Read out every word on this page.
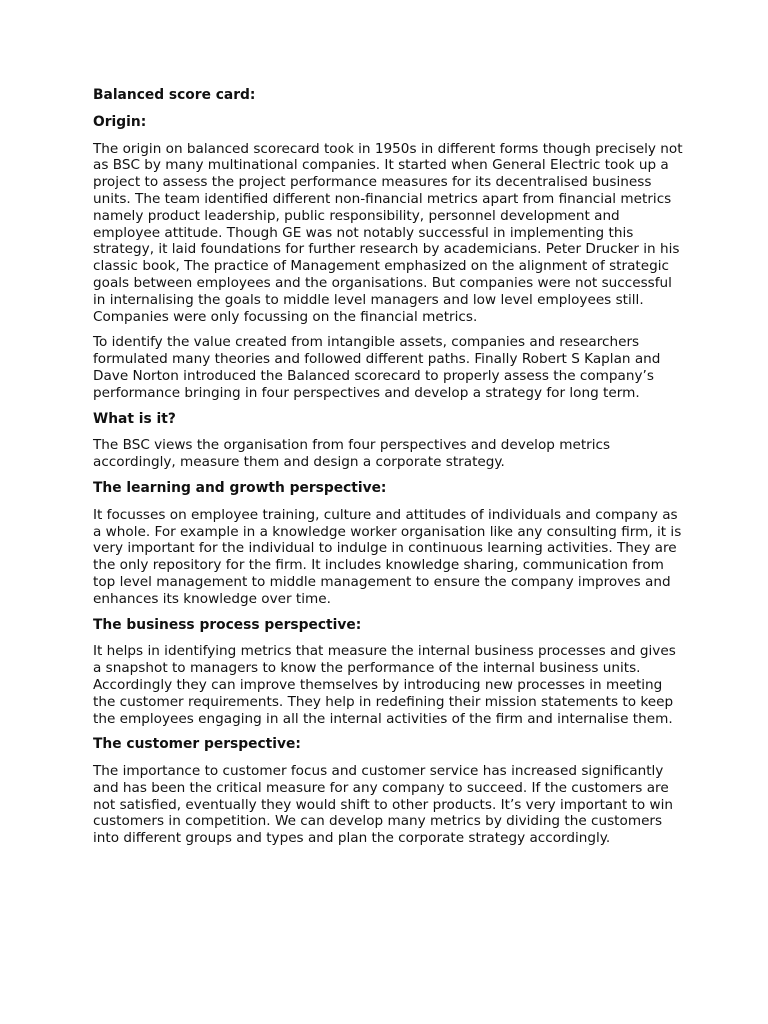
Balanced score card:
Origin:
The origin on balanced scorecard took in 1950s in different forms though precisely not as BSC by many multinational companies. It started when General Electric took up a project to assess the project performance measures for its decentralised business units. The team identified different non-financial metrics apart from financial metrics namely product leadership, public responsibility, personnel development and employee attitude. Though GE was not notably successful in implementing this strategy, it laid foundations for further research by academicians. Peter Drucker in his classic book, The practice of Management emphasized on the alignment of strategic goals between employees and the organisations. But companies were not successful in internalising the goals to middle level managers and low level employees still. Companies were only focussing on the financial metrics.
To identify the value created from intangible assets, companies and researchers formulated many theories and followed different paths. Finally Robert S Kaplan and Dave Norton introduced the Balanced scorecard to properly assess the company’s performance bringing in four perspectives and develop a strategy for long term.
What is it?
The BSC views the organisation from four perspectives and develop metrics accordingly, measure them and design a corporate strategy.
The learning and growth perspective:
It focusses on employee training, culture and attitudes of individuals and company as a whole. For example in a knowledge worker organisation like any consulting firm, it is very important for the individual to indulge in continuous learning activities. They are the only repository for the firm. It includes knowledge sharing, communication from top level management to middle management to ensure the company improves and enhances its knowledge over time.
The business process perspective:
It helps in identifying metrics that measure the internal business processes and gives a snapshot to managers to know the performance of the internal business units. Accordingly they can improve themselves by introducing new processes in meeting the customer requirements. They help in redefining their mission statements to keep the employees engaging in all the internal activities of the firm and internalise them.
The customer perspective:
The importance to customer focus and customer service has increased significantly and has been the critical measure for any company to succeed. If the customers are not satisfied, eventually they would shift to other products. It’s very important to win customers in competition. We can develop many metrics by dividing the customers into different groups and types and plan the corporate strategy accordingly.
